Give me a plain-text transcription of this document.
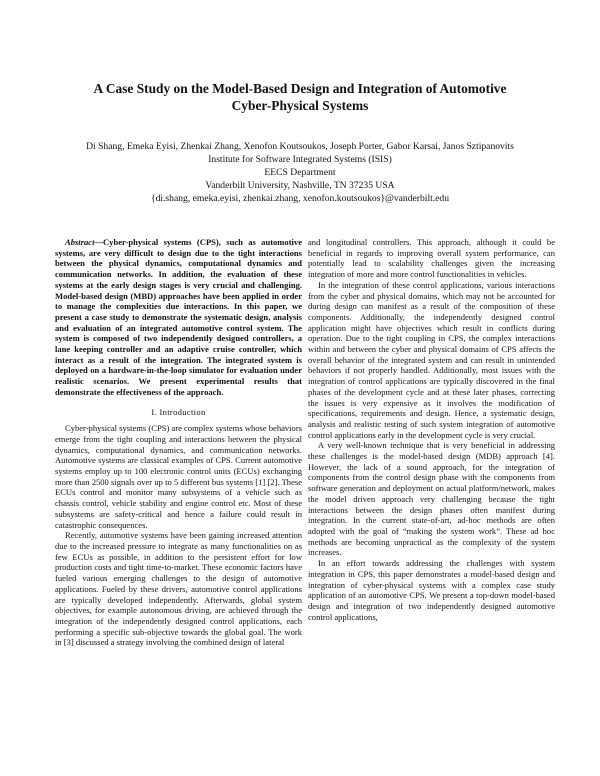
A Case Study on the Model-Based Design and Integration of Automotive
Cyber-Physical Systems
Di Shang, Emeka Eyisi, Zhenkai Zhang, Xenofon Koutsoukos, Joseph Porter, Gabor Karsai, Janos Sztipanovits
Institute for Software Integrated Systems (ISIS)
EECS Department
Vanderbilt University, Nashville, TN 37235 USA
{di.shang, emeka.eyisi, zhenkai.zhang, xenofon.koutsoukos}@vanderbilt.edu

Abstract—Cyber-physical systems (CPS), such as automotive systems, are very difficult to design due to the tight interactions between the physical dynamics, computational dynamics and communication networks. In addition, the evaluation of these systems at the early design stages is very crucial and challenging. Model-based design (MBD) approaches have been applied in order to manage the complexities due interactions. In this paper, we present a case study to demonstrate the systematic design, analysis and evaluation of an integrated automotive control system. The system is composed of two independently designed controllers, a lane keeping controller and an adaptive cruise controller, which interact as a result of the integration. The integrated system is deployed on a hardware-in-the-loop simulator for evaluation under realistic scenarios. We present experimental results that demonstrate the effectiveness of the approach.

I. Introduction

Cyber-physical systems (CPS) are complex systems whose behaviors emerge from the tight coupling and interactions between the physical dynamics, computational dynamics, and communication networks. Automotive systems are classical examples of CPS. Current automotive systems employ up to 100 electronic control units (ECUs) exchanging more than 2500 signals over up to 5 different bus systems [1] [2]. These ECUs control and monitor many subsystems of a vehicle such as chassis control, vehicle stability and engine control etc. Most of these subsystems are safety-critical and hence a failure could result in catastrophic consequences.

Recently, automotive systems have been gaining increased attention due to the increased pressure to integrate as many functionalities on as few ECUs as possible, in addition to the persistent effort for low production costs and tight time-to-market. These economic factors have fueled various emerging challenges to the design of automotive applications. Fueled by these drivers, automotive control applications are typically developed independently. Afterwards, global system objectives, for example autonomous driving, are achieved through the integration of the independently designed control applications, each performing a specific sub-objective towards the global goal. The work in [3] discussed a strategy involving the combined design of lateral

and longitudinal controllers. This approach, although it could be beneficial in regards to improving overall system performance, can potentially lead to scalability challenges given the increasing integration of more and more control functionalities in vehicles.

In the integration of these control applications, various interactions from the cyber and physical domains, which may not be accounted for during design can manifest as a result of the composition of these components. Additionally, the independently designed control application might have objectives which result in conflicts during operation. Due to the tight coupling in CPS, the complex interactions within and between the cyber and physical domains of CPS affects the overall behavior of the integrated system and can result in unintended behaviors if not properly handled. Additionally, most issues with the integration of control applications are typically discovered in the final phases of the development cycle and at these later phases, correcting the issues is very expensive as it involves the modification of specifications, requirements and design. Hence, a systematic design, analysis and realistic testing of such system integration of automotive control applications early in the development cycle is very crucial.

A very well-known technique that is very beneficial in addressing these challenges is the model-based design (MDB) approach [4]. However, the lack of a sound approach, for the integration of components from the control design phase with the components from software generation and deployment on actual platform/network, makes the model driven approach very challenging because the tight interactions between the design phases often manifest during integration. In the current state-of-art, ad-hoc methods are often adopted with the goal of “making the system work”. These ad hoc methods are becoming unpractical as the complexity of the system increases.

In an effort towards addressing the challenges with system integration in CPS, this paper demonstrates a model-based design and integration of cyber-physical systems with a complex case study application of an automotive CPS. We present a top-down model-based design and integration of two independently designed automotive control applications,
